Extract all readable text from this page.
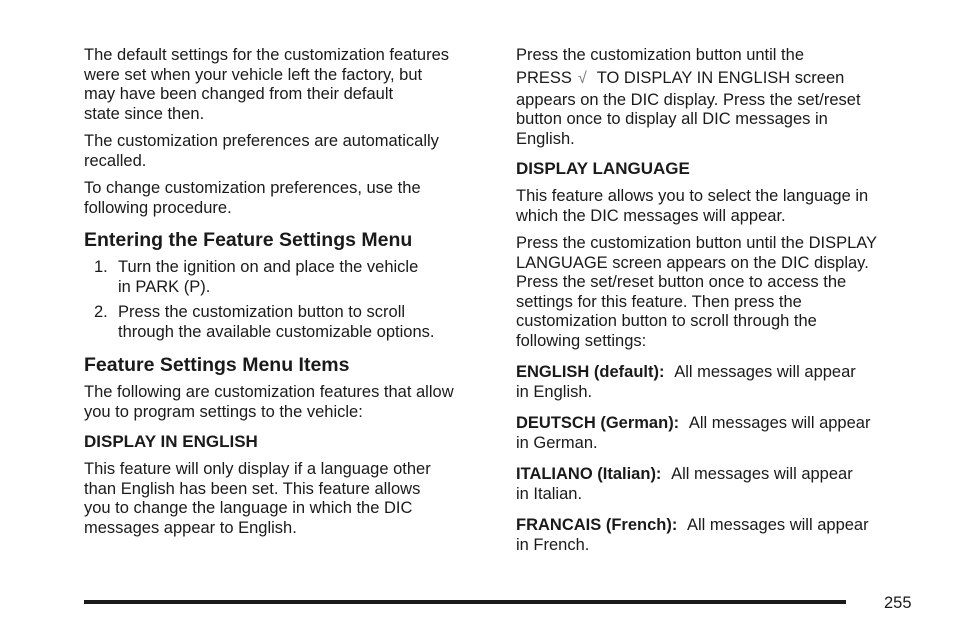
The default settings for the customization features
were set when your vehicle left the factory, but
may have been changed from their default
state since then.

The customization preferences are automatically
recalled.

To change customization preferences, use the
following procedure.

Entering the Feature Settings Menu
1. Turn the ignition on and place the vehicle
in PARK (P).
2. Press the customization button to scroll
through the available customizable options.
Feature Settings Menu Items

The following are customization features that allow
you to program settings to the vehicle:

DISPLAY IN ENGLISH

This feature will only display if a language other
than English has been set. This feature allows
you to change the language in which the DIC
messages appear to English.

Press the customization button until the
PRESS √ TO DISPLAY IN ENGLISH screen
appears on the DIC display. Press the set/reset
button once to display all DIC messages in
English.

DISPLAY LANGUAGE

This feature allows you to select the language in
which the DIC messages will appear.

Press the customization button until the DISPLAY
LANGUAGE screen appears on the DIC display.
Press the set/reset button once to access the
settings for this feature. Then press the
customization button to scroll through the
following settings:

ENGLISH (default): All messages will appear
in English.
DEUTSCH (German): All messages will appear
in German.
ITALIANO (Italian): All messages will appear
in Italian.
FRANCAIS (French): All messages will appear
in French.
255
